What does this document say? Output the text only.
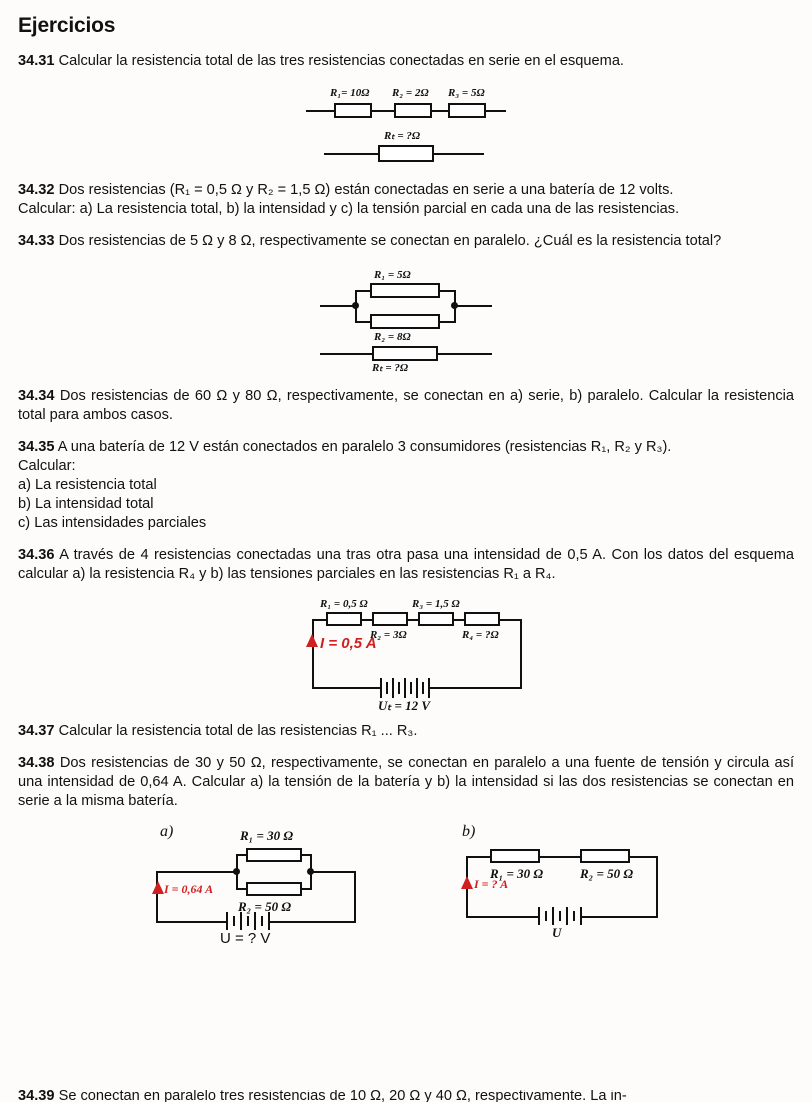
Ejercicios
34.31 Calcular la resistencia total de las tres resistencias conectadas en serie en el esquema.
R₁= 10Ω R₂ = 2Ω R₃ = 5Ω
Rₜ = ?Ω
34.32 Dos resistencias (R₁ = 0,5 Ω y R₂ = 1,5 Ω) están conectadas en serie a una batería de 12 volts.
Calcular: a) La resistencia total, b) la intensidad y c) la tensión parcial en cada una de las resistencias.
34.33 Dos resistencias de 5 Ω y 8 Ω, respectivamente se conectan en paralelo. ¿Cuál es la resistencia total?
R₁ = 5Ω
R₂ = 8Ω
Rₜ = ?Ω
34.34 Dos resistencias de 60 Ω y 80 Ω, respectivamente, se conectan en a) serie, b) paralelo. Calcular la resistencia total para ambos casos.
34.35 A una batería de 12 V están conectados en paralelo 3 consumidores (resistencias R₁, R₂ y R₃).
Calcular:
a) La resistencia total
b) La intensidad total
c) Las intensidades parciales
34.36 A través de 4 resistencias conectadas una tras otra pasa una intensidad de 0,5 A. Con los datos del esquema calcular a) la resistencia R₄ y b) las tensiones parciales en las resistencias R₁ a R₄.
R₁ = 0,5 Ω	R₃ = 1,5 Ω
R₂ = 3Ω	R₄ = ?Ω
Uₜ = 12 V
I = 0,5 A
34.37 Calcular la resistencia total de las resistencias R₁ ... R₃.
34.38 Dos resistencias de 30 y 50 Ω, respectivamente, se conectan en paralelo a una fuente de tensión y circula así una intensidad de 0,64 A. Calcular a) la tensión de la batería y b) la intensidad si las dos resistencias se conectan en serie a la misma batería.
a)	R₁ = 30 Ω
R₂ = 50 Ω
I = 0,64 A
U = ? V
b)
R₁ = 30 Ω	R₂ = 50 Ω
U
I = ? A
34.39 Se conectan en paralelo tres resistencias de 10 Ω, 20 Ω y 40 Ω, respectivamente. La in-
